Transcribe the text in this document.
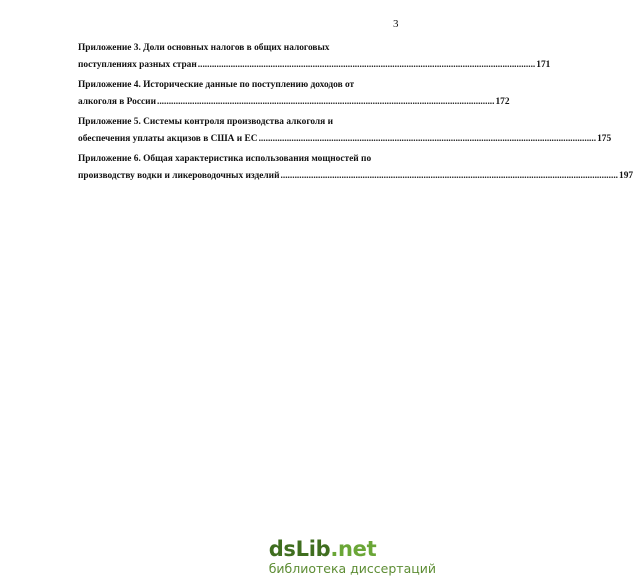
3
Приложение 3. Доли основных налогов в общих налоговых
поступлениях разных стран ................................................................................................................................................ 171
Приложение 4. Исторические данные по поступлению доходов от
алкоголя в России ................................................................................................................................................ 172
Приложение 5. Системы контроля производства алкоголя и
обеспечения уплаты акцизов в США и ЕС ................................................................................................................................................ 175
Приложение 6. Общая характеристика использования мощностей по
производству водки и ликероводочных изделий ................................................................................................................................................ 197
dsLib.net
библиотека диссертаций
